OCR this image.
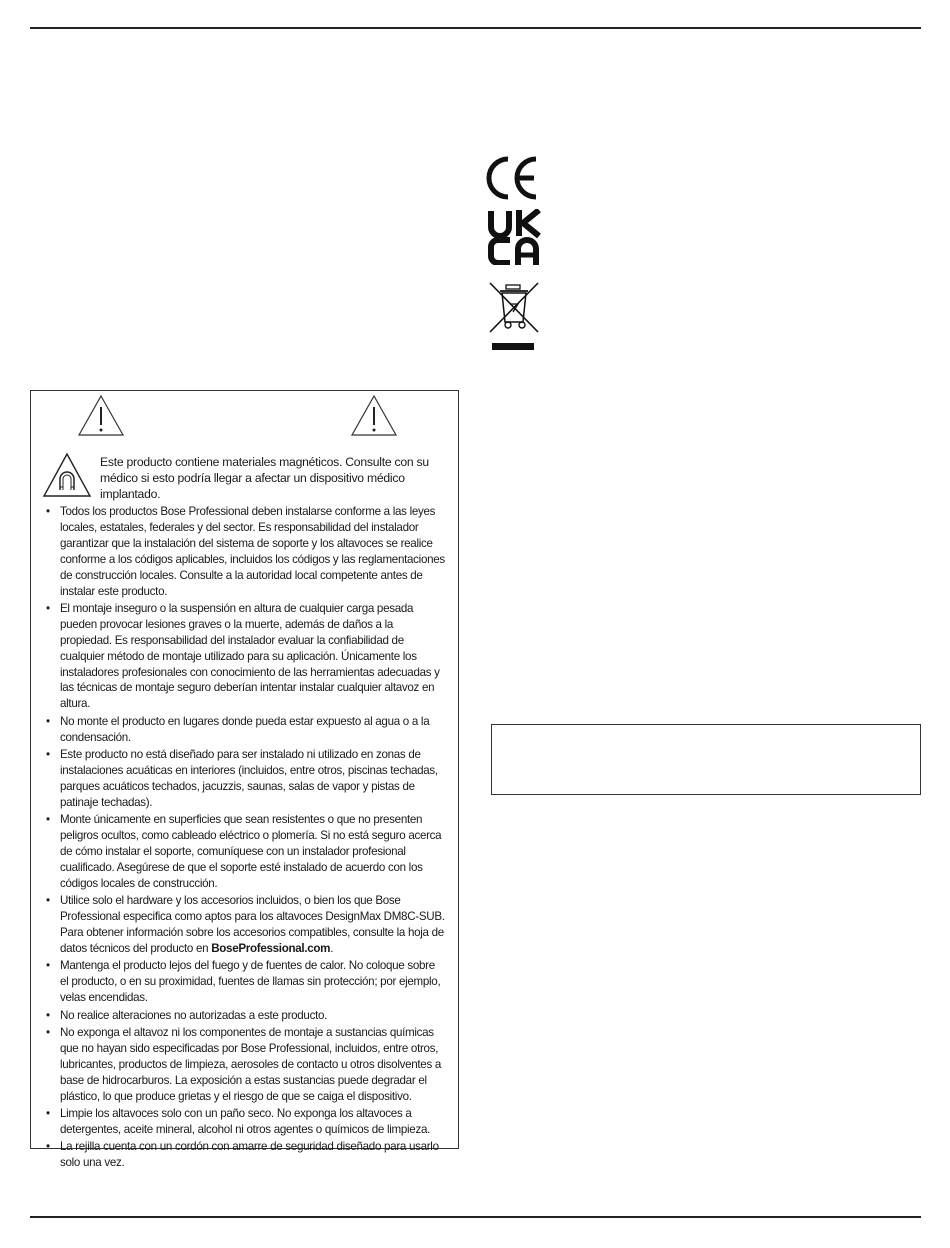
Este producto contiene materiales magnéticos. Consulte con su médico si esto podría llegar a afectar un dispositivo médico implantado.

• Todos los productos Bose Professional deben instalarse conforme a las leyes locales, estatales, federales y del sector. Es responsabilidad del instalador garantizar que la instalación del sistema de soporte y los altavoces se realice conforme a los códigos aplicables, incluidos los códigos y las reglamentaciones de construcción locales. Consulte a la autoridad local competente antes de instalar este producto.
• El montaje inseguro o la suspensión en altura de cualquier carga pesada pueden provocar lesiones graves o la muerte, además de daños a la propiedad. Es responsabilidad del instalador evaluar la confiabilidad de cualquier método de montaje utilizado para su aplicación. Únicamente los instaladores profesionales con conocimiento de las herramientas adecuadas y las técnicas de montaje seguro deberían intentar instalar cualquier altavoz en altura.
• No monte el producto en lugares donde pueda estar expuesto al agua o a la condensación.
• Este producto no está diseñado para ser instalado ni utilizado en zonas de instalaciones acuáticas en interiores (incluidos, entre otros, piscinas techadas, parques acuáticos techados, jacuzzis, saunas, salas de vapor y pistas de patinaje techadas).
• Monte únicamente en superficies que sean resistentes o que no presenten peligros ocultos, como cableado eléctrico o plomería. Si no está seguro acerca de cómo instalar el soporte, comuníquese con un instalador profesional cualificado. Asegúrese de que el soporte esté instalado de acuerdo con los códigos locales de construcción.
• Utilice solo el hardware y los accesorios incluidos, o bien los que Bose Professional especifica como aptos para los altavoces DesignMax DM8C-SUB. Para obtener información sobre los accesorios compatibles, consulte la hoja de datos técnicos del producto en BoseProfessional.com.
• Mantenga el producto lejos del fuego y de fuentes de calor. No coloque sobre el producto, o en su proximidad, fuentes de llamas sin protección; por ejemplo, velas encendidas.
• No realice alteraciones no autorizadas a este producto.
• No exponga el altavoz ni los componentes de montaje a sustancias químicas que no hayan sido especificadas por Bose Professional, incluidos, entre otros, lubricantes, productos de limpieza, aerosoles de contacto u otros disolventes a base de hidrocarburos. La exposición a estas sustancias puede degradar el plástico, lo que produce grietas y el riesgo de que se caiga el dispositivo.
• Limpie los altavoces solo con un paño seco. No exponga los altavoces a detergentes, aceite mineral, alcohol ni otros agentes o químicos de limpieza.
• La rejilla cuenta con un cordón con amarre de seguridad diseñado para usarlo solo una vez.
